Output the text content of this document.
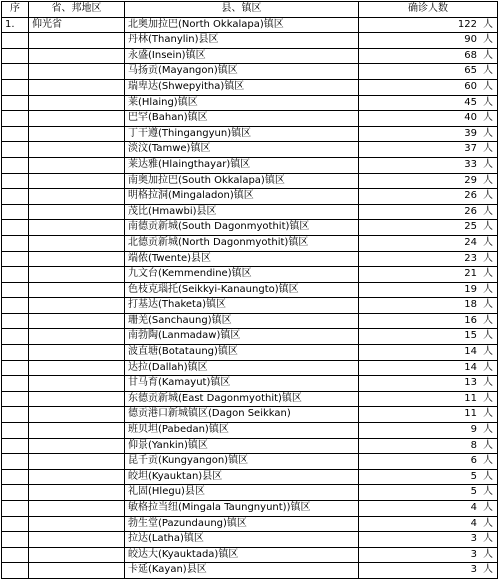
序	省、邦地区	县、镇区	确诊人数
1.	仰光省	北奥加拉巴(North Okkalapa)镇区	122 人
		丹林(Thanylin)县区	90 人
		永盛(Insein)镇区	68 人
		马扬贡(Mayangon)镇区	65 人
		瑞卑达(Shwepyitha)镇区	60 人
		莱(Hlaing)镇区	45 人
		巴罕(Bahan)镇区	40 人
		丁干遵(Thingangyun)镇区	39 人
		淡汶(Tamwe)镇区	37 人
		莱达雅(Hlaingthayar)镇区	33 人
		南奥加拉巴(South Okkalapa)镇区	29 人
		明格拉洞(Mingaladon)镇区	26 人
		茂比(Hmawbi)县区	26 人
		南德贡新城(South Dagonmyothit)镇区	25 人
		北德贡新城(North Dagonmyothit)镇区	24 人
		端侬(Twente)县区	23 人
		九文台(Kemmendine)镇区	21 人
		色枝克瑙托(Seikkyi-Kanaungto)镇区	19 人
		打基达(Thaketa)镇区	18 人
		珊羌(Sanchaung)镇区	16 人
		南勃陶(Lanmadaw)镇区	15 人
		波直塘(Botataung)镇区	14 人
		达拉(Dallah)镇区	14 人
		甘马育(Kamayut)镇区	13 人
		东德贡新城(East Dagonmyothit)镇区	11 人
		德贡港口新城镇区(Dagon Seikkan)	11 人
		班贝坦(Pabedan)镇区	9 人
		仰景(Yankin)镇区	8 人
		昆千贡(Kungyangon)镇区	6 人
		皎坦(Kyauktan)县区	5 人
		礼固(Hlegu)县区	5 人
		敏格拉当纽(Mingala Taungnyunt))镇区	4 人
		勃生堂(Pazundaung)镇区	4 人
		拉达(Latha)镇区	3 人
		皎达大(Kyauktada)镇区	3 人
		卡延(Kayan)县区	3 人
